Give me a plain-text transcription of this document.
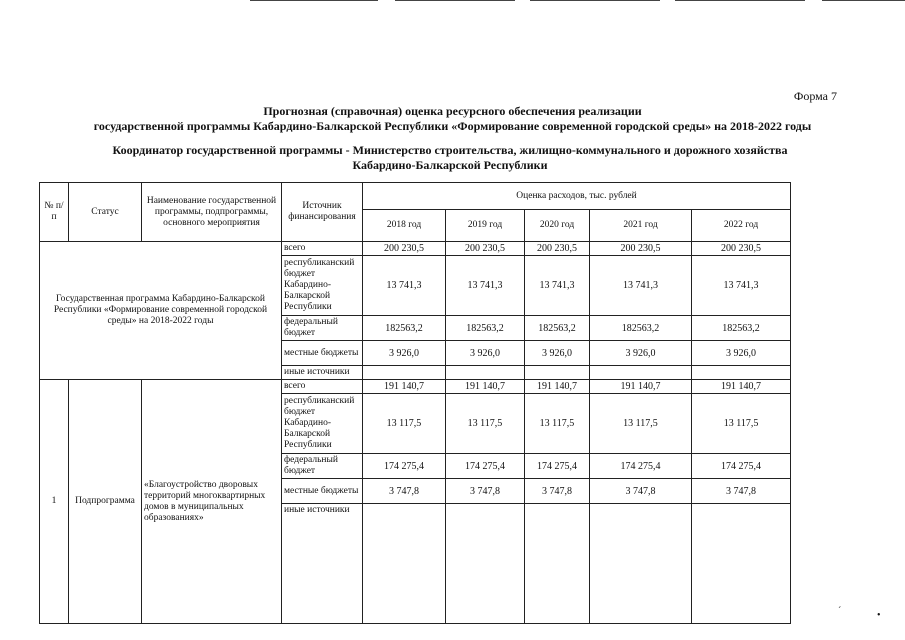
Форма 7
Прогнозная (справочная) оценка ресурсного обеспечения реализации
государственной программы Кабардино-Балкарской Республики «Формирование современной городской среды» на 2018-2022 годы
Координатор государственной программы - Министерство строительства, жилищно-коммунального и дорожного хозяйства Кабардино-Балкарской Республики
№ п/п	Статус	Наименование государственной программы, подпрограммы, основного мероприятия	Источник финансирования	Оценка расходов, тыс. рублей				
				2018 год	2019 год	2020 год	2021 год	2022 год
Государственная программа Кабардино-Балкарской Республики «Формирование современной городской среды» на 2018-2022 годы			всего	200 230,5	200 230,5	200 230,5	200 230,5	200 230,5
			республиканский бюджет Кабардино-Балкарской Республики	13 741,3	13 741,3	13 741,3	13 741,3	13 741,3
			федеральный бюджет	182563,2	182563,2	182563,2	182563,2	182563,2
			местные бюджеты	3 926,0	3 926,0	3 926,0	3 926,0	3 926,0
			иные источники					
1	Подпрограмма	«Благоустройство дворовых территорий многоквартирных домов в муниципальных образованиях»	всего	191 140,7	191 140,7	191 140,7	191 140,7	191 140,7
			республиканский бюджет Кабардино-Балкарской Республики	13 117,5	13 117,5	13 117,5	13 117,5	13 117,5
			федеральный бюджет	174 275,4	174 275,4	174 275,4	174 275,4	174 275,4
			местные бюджеты	3 747,8	3 747,8	3 747,8	3 747,8	3 747,8
			иные источники					
ˊ	•
